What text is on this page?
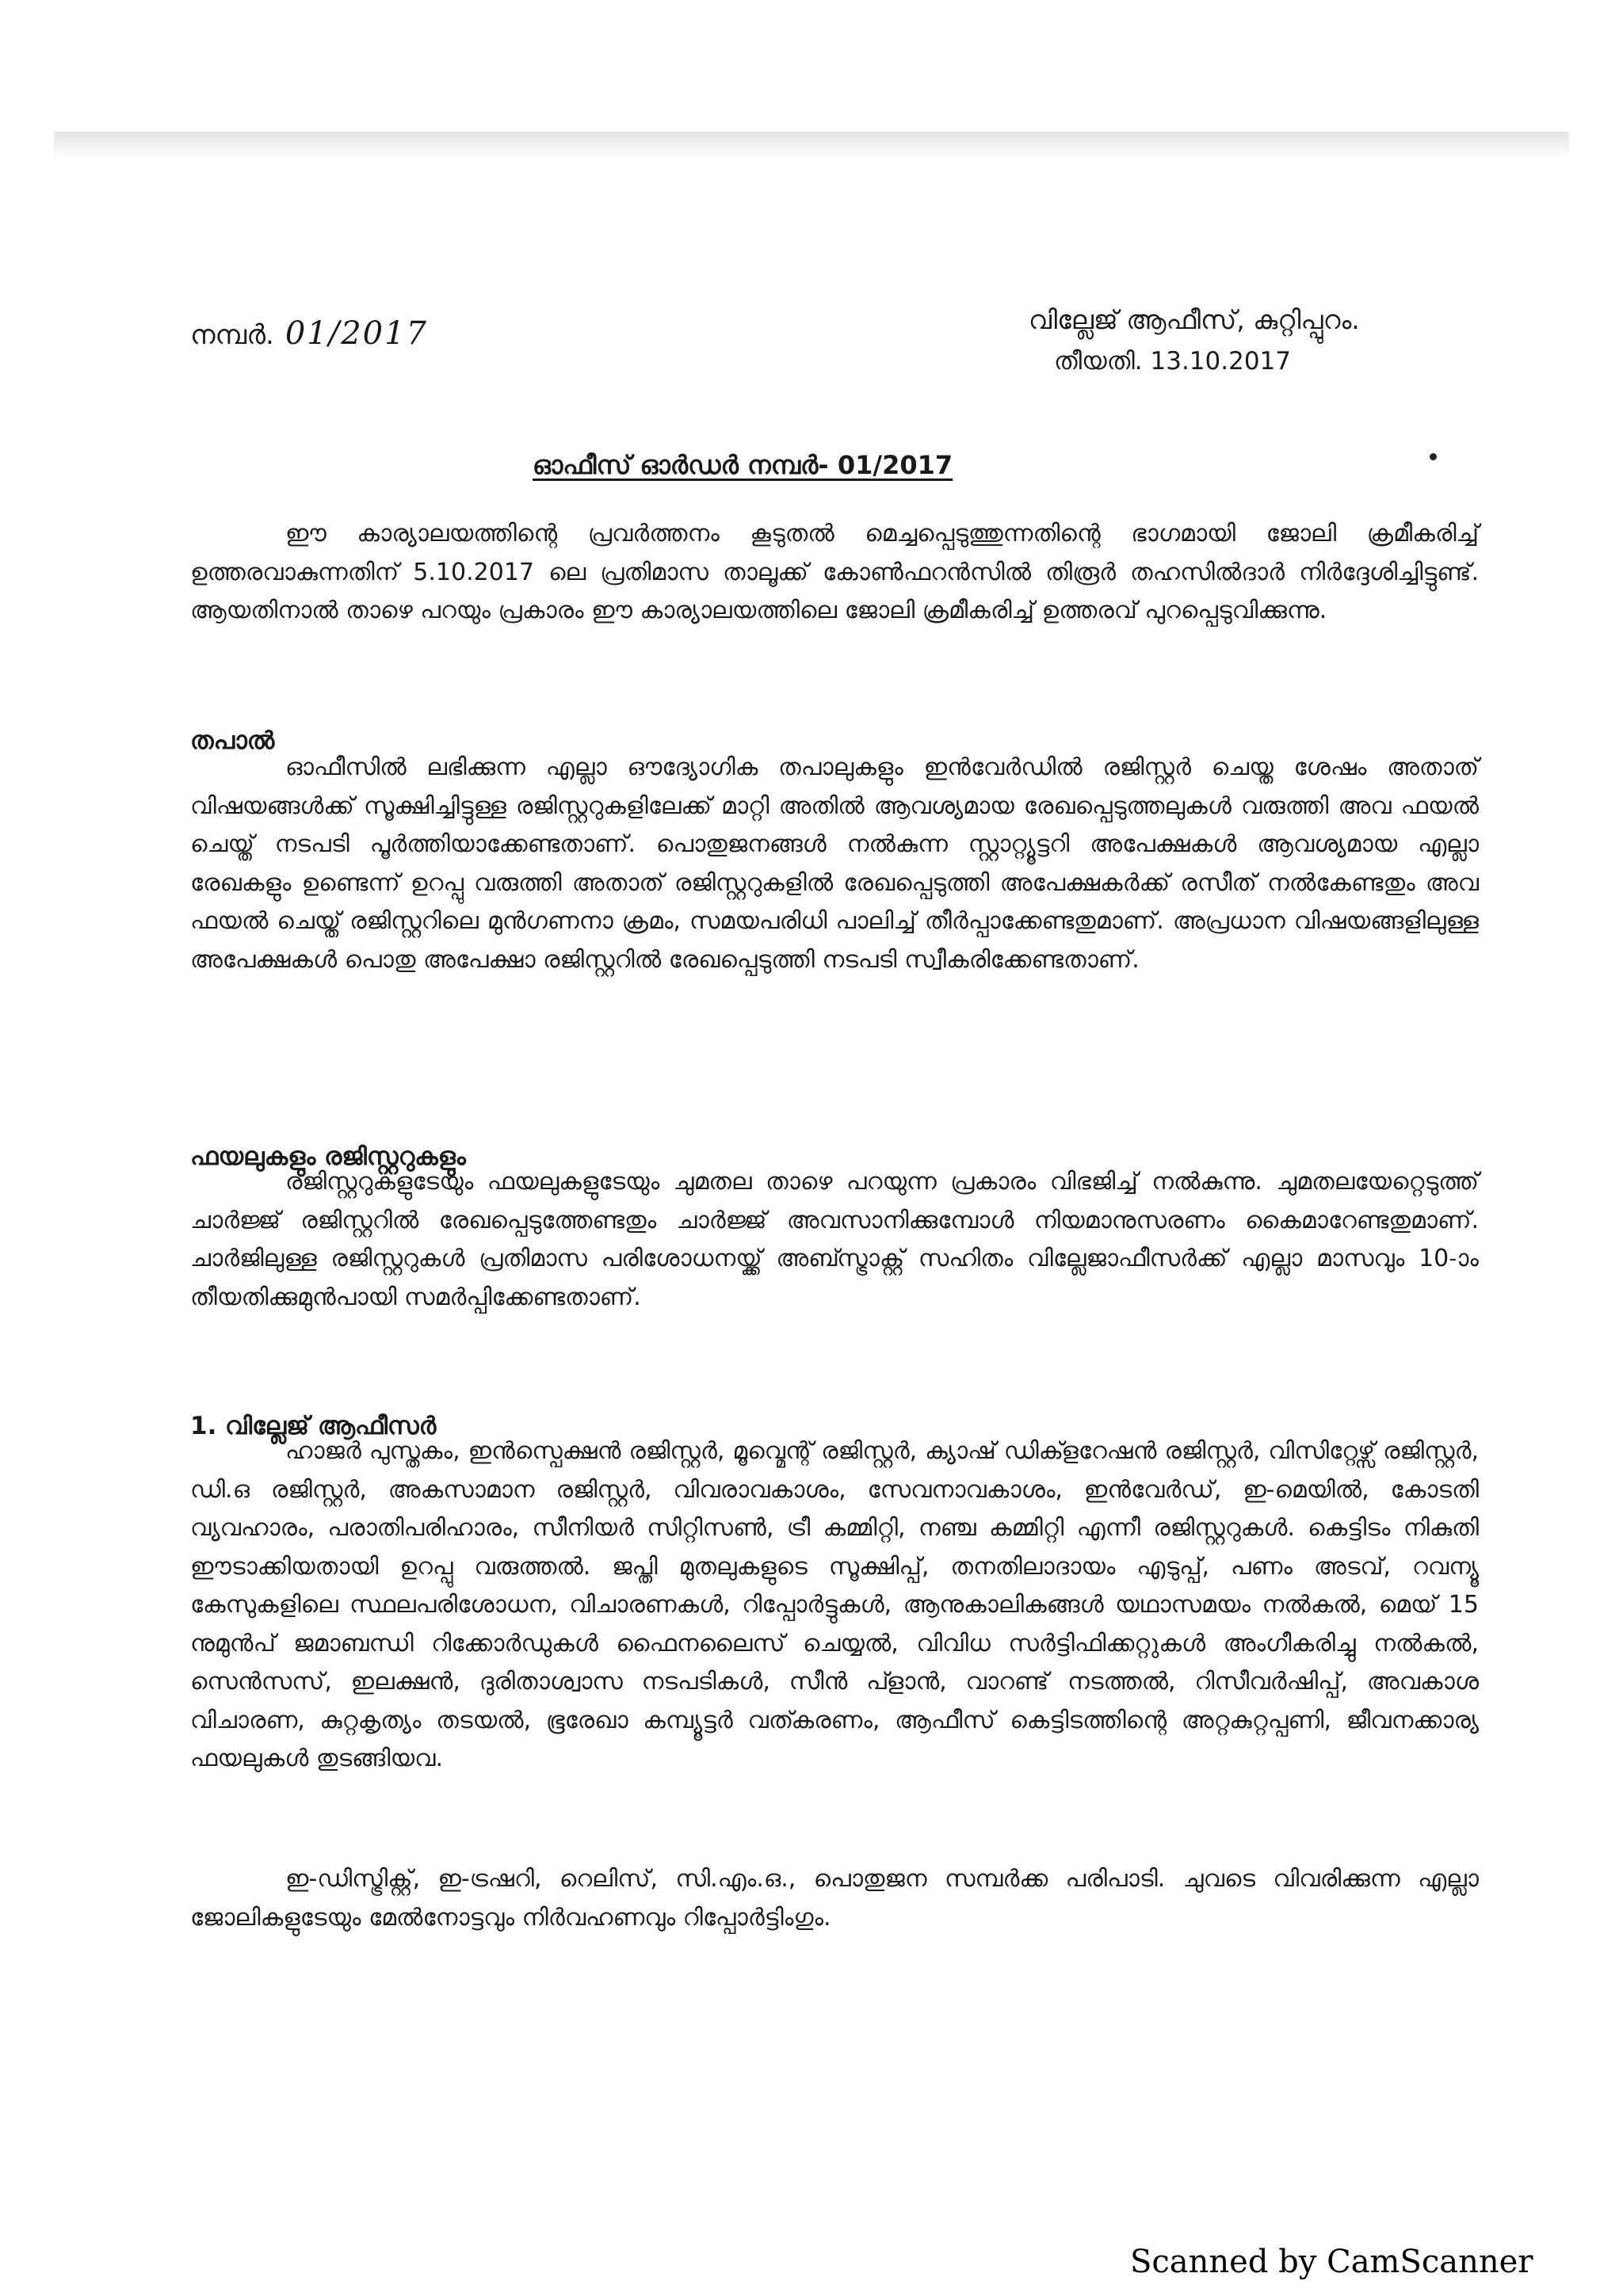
നമ്പർ. 01/2017	വില്ലേജ് ആഫീസ്, കുറ്റിപ്പുറം.
തീയതി. 13.10.2017
ഓഫീസ് ഓർഡർ നമ്പർ- 01/2017

ഈ കാര്യാലയത്തിന്റെ പ്രവർത്തനം കൂടുതൽ മെച്ചപ്പെടുത്തുന്നതിന്റെ ഭാഗമായി ജോലി ക്രമീകരിച്ച് ഉത്തരവാകുന്നതിന് 5.10.2017 ലെ പ്രതിമാസ താലൂക്ക് കോൺഫറൻസിൽ തിരൂർ തഹസിൽദാർ നിർദ്ദേശിച്ചിട്ടുണ്ട്. ആയതിനാൽ താഴെ പറയും പ്രകാരം ഈ കാര്യാലയത്തിലെ ജോലി ക്രമീകരിച്ച് ഉത്തരവ് പുറപ്പെടുവിക്കുന്നു.

തപാൽ

ഓഫീസിൽ ലഭിക്കുന്ന എല്ലാ ഔദ്യോഗിക തപാലുകളും ഇൻവേർഡിൽ രജിസ്റ്റർ ചെയ്ത ശേഷം അതാത് വിഷയങ്ങൾക്ക് സൂക്ഷിച്ചിട്ടുള്ള രജിസ്റ്ററുകളിലേക്ക് മാറ്റി അതിൽ ആവശ്യമായ രേഖപ്പെടുത്തലുകൾ വരുത്തി അവ ഫയൽ ചെയ്ത് നടപടി പൂർത്തിയാക്കേണ്ടതാണ്. പൊതുജനങ്ങൾ നൽകുന്ന സ്റ്റാറ്റ്യൂട്ടറി അപേക്ഷകൾ ആവശ്യമായ എല്ലാ രേഖകളും ഉണ്ടെന്ന് ഉറപ്പു വരുത്തി അതാത് രജിസ്റ്ററുകളിൽ രേഖപ്പെടുത്തി അപേക്ഷകർക്ക് രസീത് നൽകേണ്ടതും അവ ഫയൽ ചെയ്ത് രജിസ്റ്ററിലെ മുൻഗണനാ ക്രമം, സമയപരിധി പാലിച്ച് തീർപ്പാക്കേണ്ടതുമാണ്. അപ്രധാന വിഷയങ്ങളിലുള്ള അപേക്ഷകൾ പൊതു അപേക്ഷാ രജിസ്റ്ററിൽ രേഖപ്പെടുത്തി നടപടി സ്വീകരിക്കേണ്ടതാണ്.

ഫയലുകളും രജിസ്റ്ററുകളും

രജിസ്റ്ററുകളുടേയും ഫയലുകളുടേയും ചുമതല താഴെ പറയുന്ന പ്രകാരം വിഭജിച്ച് നൽകുന്നു. ചുമതലയേറ്റെടുത്ത് ചാർജ്ജ് രജിസ്റ്ററിൽ രേഖപ്പെടുത്തേണ്ടതും ചാർജ്ജ് അവസാനിക്കുമ്പോൾ നിയമാനുസരണം കൈമാറേണ്ടതുമാണ്. ചാർജിലുള്ള രജിസ്റ്ററുകൾ പ്രതിമാസ പരിശോധനയ്ക്ക് അബ്സ്ട്രാക്റ്റ് സഹിതം വില്ലേജാഫീസർക്ക് എല്ലാ മാസവും 10-ാം തീയതിക്കുമുൻപായി സമർപ്പിക്കേണ്ടതാണ്.

1. വില്ലേജ് ആഫീസർ

ഹാജർ പുസ്തകം, ഇൻസ്പെക്ഷൻ രജിസ്റ്റർ, മൂവ്മെന്റ് രജിസ്റ്റർ, ക്യാഷ് ഡിക്ളറേഷൻ രജിസ്റ്റർ, വിസിറ്റേഴ്സ് രജിസ്റ്റർ, ഡി.ഒ രജിസ്റ്റർ, അകസാമാന രജിസ്റ്റർ, വിവരാവകാശം, സേവനാവകാശം, ഇൻവേർഡ്, ഇ-മെയിൽ, കോടതി വ്യവഹാരം, പരാതിപരിഹാരം, സീനിയർ സിറ്റിസൺ, ട്രീ കമ്മിറ്റി, നഞ്ച കമ്മിറ്റി എന്നീ രജിസ്റ്ററുകൾ. കെട്ടിടം നികുതി ഈടാക്കിയതായി ഉറപ്പു വരുത്തൽ. ജപ്തി മുതലുകളുടെ സൂക്ഷിപ്പ്, തനതിലാദായം എടുപ്പ്, പണം അടവ്, റവന്യൂ കേസുകളിലെ സ്ഥലപരിശോധന, വിചാരണകൾ, റിപ്പോർട്ടുകൾ, ആനുകാലികങ്ങൾ യഥാസമയം നൽകൽ, മെയ് 15 നുമുൻപ് ജമാബന്ധി റിക്കോർഡുകൾ ഫൈനലൈസ് ചെയ്യൽ, വിവിധ സർട്ടിഫിക്കറ്റുകൾ അംഗീകരിച്ചു നൽകൽ, സെൻസസ്, ഇലക്ഷൻ, ദുരിതാശ്വാസ നടപടികൾ, സീൻ പ്ളാൻ, വാറണ്ട് നടത്തൽ, റിസീവർഷിപ്പ്, അവകാശ വിചാരണ, കുറ്റകൃത്യം തടയൽ, ഭൂരേഖാ കമ്പ്യൂട്ടർ വത്കരണം, ആഫീസ് കെട്ടിടത്തിന്റെ അറ്റകുറ്റപ്പണി, ജീവനക്കാര്യ ഫയലുകൾ തുടങ്ങിയവ.

ഇ-ഡിസ്ട്രിക്റ്റ്, ഇ-ട്രഷറി, റെലിസ്, സി.എം.ഒ., പൊതുജന സമ്പർക്ക പരിപാടി. ചുവടെ വിവരിക്കുന്ന എല്ലാ ജോലികളുടേയും മേൽനോട്ടവും നിർവഹണവും റിപ്പോർട്ടിംഗും.

Scanned by CamScanner
